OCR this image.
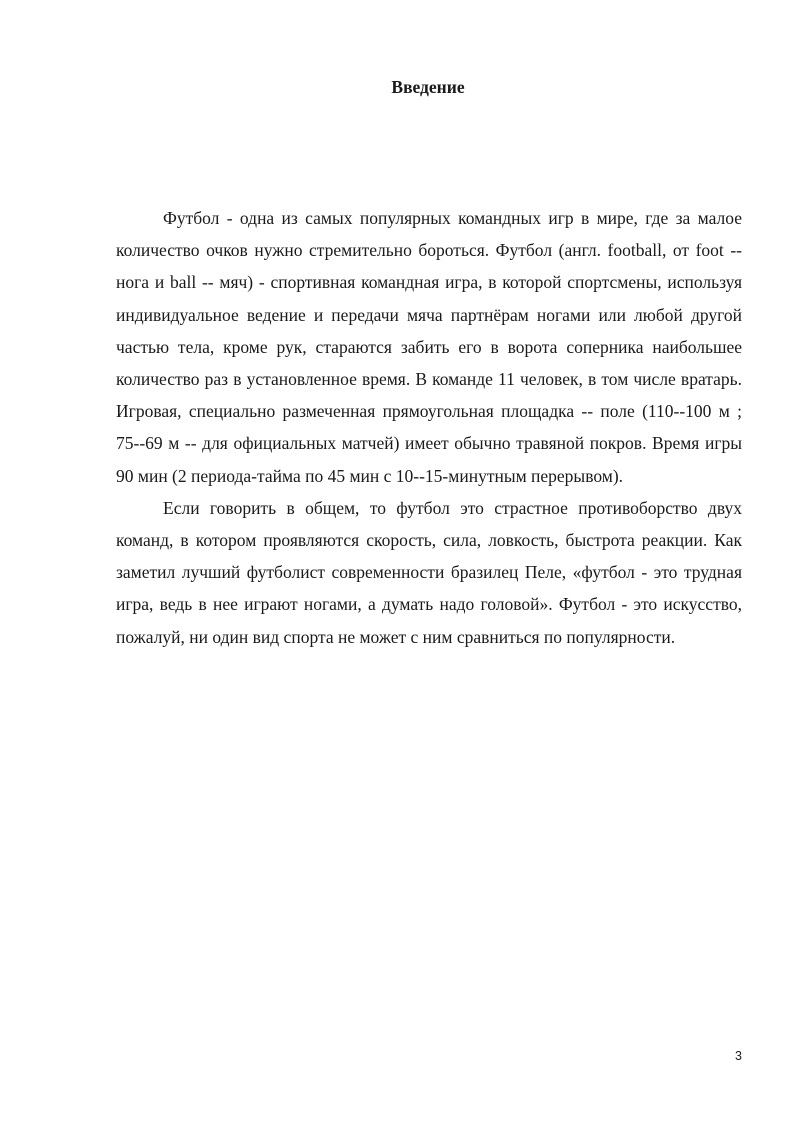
Введение

Футбол - одна из самых популярных командных игр в мире, где за малое количество очков нужно стремительно бороться. Футбол (англ. football, от foot -- нога и ball -- мяч) - спортивная командная игра, в которой спортсмены, используя индивидуальное ведение и передачи мяча партнёрам ногами или любой другой частью тела, кроме рук, стараются забить его в ворота соперника наибольшее количество раз в установленное время. В команде 11 человек, в том числе вратарь. Игровая, специально размеченная прямоугольная площадка -- поле (110--100 м ; 75--69 м -- для официальных матчей) имеет обычно травяной покров. Время игры 90 мин (2 периода-тайма по 45 мин с 10--15-минутным перерывом).

Если говорить в общем, то футбол это страстное противоборство двух команд, в котором проявляются скорость, сила, ловкость, быстрота реакции. Как заметил лучший футболист современности бразилец Пеле, «футбол - это трудная игра, ведь в нее играют ногами, а думать надо головой». Футбол - это искусство, пожалуй, ни один вид спорта не может с ним сравниться по популярности.

3
